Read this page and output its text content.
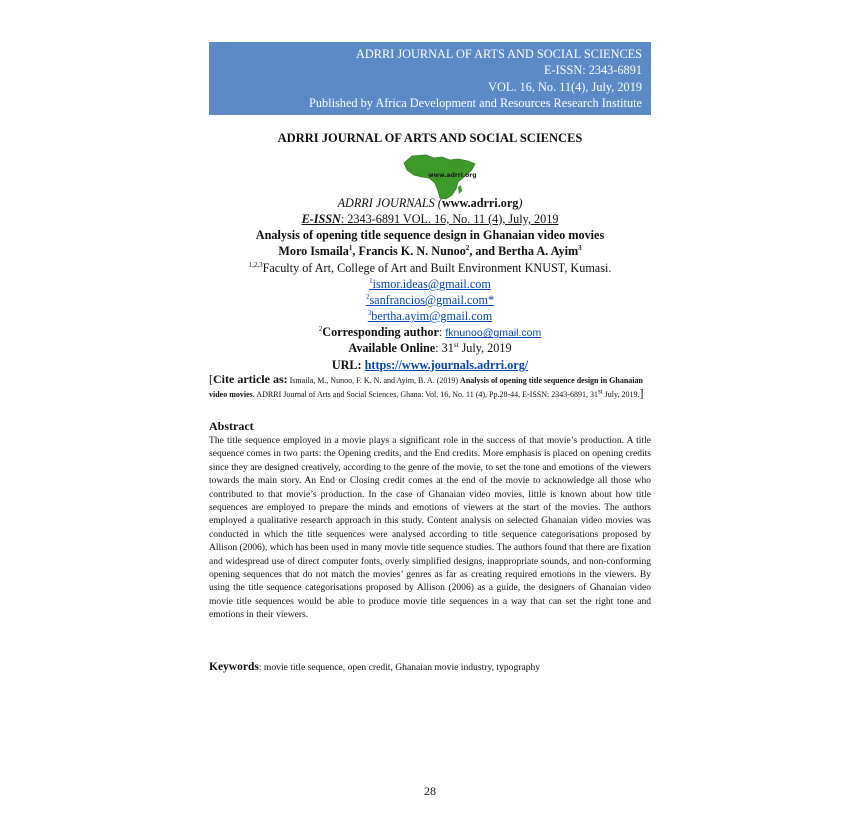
ADRRI JOURNAL OF ARTS AND SOCIAL SCIENCES
E-ISSN: 2343-6891
VOL. 16, No. 11(4), July, 2019
Published by Africa Development and Resources Research Institute
ADRRI JOURNAL OF ARTS AND SOCIAL SCIENCES
www.adrri.org
ADRRI JOURNALS (www.adrri.org)
E-ISSN: 2343-6891 VOL. 16, No. 11 (4), July, 2019
Analysis of opening title sequence design in Ghanaian video movies
Moro Ismaila$^1$, Francis K. N. Nunoo$^2$, and Bertha A. Ayim$^3$
$^{1,2,3}$Faculty of Art, College of Art and Built Environment KNUST, Kumasi.
$^1$ismor.ideas@gmail.com
$^2$sanfrancios@gmail.com*
$^3$bertha.ayim@gmail.com
$^2$Corresponding author: fknunoo@gmail.com
Available Online: 31st July, 2019
URL: https://www.journals.adrri.org/
[Cite article as: Ismaila, M., Nunoo, F. K. N. and Ayim, B. A. (2019) Analysis of opening title sequence design in Ghanaian video movies. ADRRI Journal of Arts and Social Sciences, Ghana: Vol. 16, No. 11 (4), Pp.28-44, E-ISSN: 2343-6891, 31st July, 2019.]
Abstract
The title sequence employed in a movie plays a significant role in the success of that movie’s production. A title sequence comes in two parts: the Opening credits, and the End credits. More emphasis is placed on opening credits since they are designed creatively, according to the genre of the movie, to set the tone and emotions of the viewers towards the main story. An End or Closing credit comes at the end of the movie to acknowledge all those who contributed to that movie’s production. In the case of Ghanaian video movies, little is known about how title sequences are employed to prepare the minds and emotions of viewers at the start of the movies. The authors employed a qualitative research approach in this study. Content analysis on selected Ghanaian video movies was conducted in which the title sequences were analysed according to title sequence categorisations proposed by Allison (2006), which has been used in many movie title sequence studies. The authors found that there are fixation and widespread use of direct computer fonts, overly simplified designs, inappropriate sounds, and non-conforming opening sequences that do not match the movies’ genres as far as creating required emotions in the viewers. By using the title sequence categorisations proposed by Allison (2006) as a guide, the designers of Ghanaian video movie title sequences would be able to produce movie title sequences in a way that can set the right tone and emotions in their viewers.
Keywords: movie title sequence, open credit, Ghanaian movie industry, typography
28
